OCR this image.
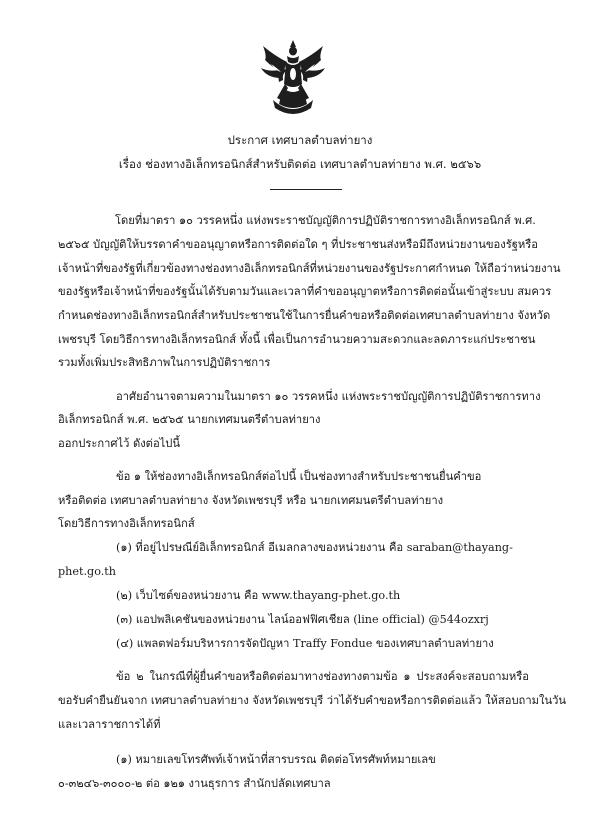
ประกาศ เทศบาลตำบลท่ายาง
เรื่อง ช่องทางอิเล็กทรอนิกส์สำหรับติดต่อ เทศบาลตำบลท่ายาง พ.ศ. ๒๕๖๖
โดยที่มาตรา ๑๐ วรรคหนึ่ง แห่งพระราชบัญญัติการปฏิบัติราชการทางอิเล็กทรอนิกส์ พ.ศ.
๒๕๖๕ บัญญัติให้บรรดาคำขออนุญาตหรือการติดต่อใด ๆ ที่ประชาชนส่งหรือมีถึงหน่วยงานของรัฐหรือ
เจ้าหน้าที่ของรัฐที่เกี่ยวข้องทางช่องทางอิเล็กทรอนิกส์ที่หน่วยงานของรัฐประกาศกำหนด ให้ถือว่าหน่วยงาน
ของรัฐหรือเจ้าหน้าที่ของรัฐนั้นได้รับตามวันและเวลาที่คำขออนุญาตหรือการติดต่อนั้นเข้าสู่ระบบ สมควร
กำหนดช่องทางอิเล็กทรอนิกส์สำหรับประชาชนใช้ในการยื่นคำขอหรือติดต่อเทศบาลตำบลท่ายาง จังหวัด
เพชรบุรี โดยวิธีการทางอิเล็กทรอนิกส์ ทั้งนี้ เพื่อเป็นการอำนวยความสะดวกและลดภาระแก่ประชาชน
รวมทั้งเพิ่มประสิทธิภาพในการปฏิบัติราชการ
อาศัยอำนาจตามความในมาตรา ๑๐ วรรคหนึ่ง แห่งพระราชบัญญัติการปฏิบัติราชการทาง
อิเล็กทรอนิกส์ พ.ศ. ๒๕๖๕ นายกเทศมนตรีตำบลท่ายาง
ออกประกาศไว้ ดังต่อไปนี้
ข้อ ๑ ให้ช่องทางอิเล็กทรอนิกส์ต่อไปนี้ เป็นช่องทางสำหรับประชาชนยื่นคำขอ
หรือติดต่อ เทศบาลตำบลท่ายาง จังหวัดเพชรบุรี หรือ นายกเทศมนตรีตำบลท่ายาง
โดยวิธีการทางอิเล็กทรอนิกส์
(๑) ที่อยู่ไปรษณีย์อิเล็กทรอนิกส์ อีเมลกลางของหน่วยงาน คือ saraban@thayang-
phet.go.th
(๒) เว็บไซต์ของหน่วยงาน คือ www.thayang-phet.go.th
(๓) แอปพลิเคชันของหน่วยงาน ไลน์ออฟฟิศเชียล (line official) @544ozxrj
(๔) แพลตฟอร์มบริหารการจัดปัญหา Traffy Fondue ของเทศบาลตำบลท่ายาง
ข้อ ๒ ในกรณีที่ผู้ยื่นคำขอหรือติดต่อมาทางช่องทางตามข้อ ๑ ประสงค์จะสอบถามหรือ
ขอรับคำยืนยันจาก เทศบาลตำบลท่ายาง จังหวัดเพชรบุรี ว่าได้รับคำขอหรือการติดต่อแล้ว ให้สอบถามในวัน
และเวลาราชการได้ที่
(๑) หมายเลขโทรศัพท์เจ้าหน้าที่สารบรรณ ติดต่อโทรศัพท์หมายเลข
๐-๓๒๔๖-๓๐๐๐-๒ ต่อ ๑๒๑ งานธุรการ สำนักปลัดเทศบาล
